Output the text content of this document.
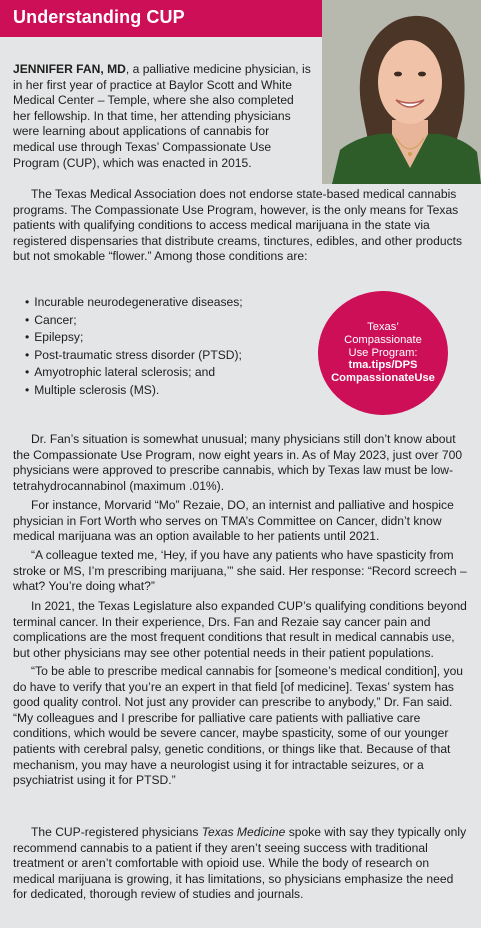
Understanding CUP

JENNIFER FAN, MD, a palliative medicine physician, is in her first year of practice at Baylor Scott and White Medical Center – Temple, where she also completed her fellowship. In that time, her attending physicians were learning about applications of cannabis for medical use through Texas’ Compassionate Use Program (CUP), which was enacted in 2015.

The Texas Medical Association does not endorse state-based medical cannabis programs. The Compassionate Use Program, however, is the only means for Texas patients with qualifying conditions to access medical marijuana in the state via registered dispensaries that distribute creams, tinctures, edibles, and other products but not smokable “flower.” Among those conditions are:

• Incurable neurodegenerative diseases;
• Cancer;
• Epilepsy;
• Post-traumatic stress disorder (PTSD);
• Amyotrophic lateral sclerosis; and
• Multiple sclerosis (MS).
Texas’
Compassionate
Use Program:
tma.tips/DPS
CompassionateUse

Dr. Fan’s situation is somewhat unusual; many physicians still don’t know about the Compassionate Use Program, now eight years in. As of May 2023, just over 700 physicians were approved to prescribe cannabis, which by Texas law must be low-tetrahydrocannabinol (maximum .01%).

For instance, Morvarid “Mo” Rezaie, DO, an internist and palliative and hospice physician in Fort Worth who serves on TMA’s Committee on Cancer, didn’t know medical marijuana was an option available to her patients until 2021.

“A colleague texted me, ‘Hey, if you have any patients who have spasticity from stroke or MS, I’m prescribing marijuana,’” she said. Her response: “Record screech – what? You’re doing what?”

In 2021, the Texas Legislature also expanded CUP’s qualifying conditions beyond terminal cancer. In their experience, Drs. Fan and Rezaie say cancer pain and complications are the most frequent conditions that result in medical cannabis use, but other physicians may see other potential needs in their patient populations.

“To be able to prescribe medical cannabis for [someone’s medical condition], you do have to verify that you’re an expert in that field [of medicine]. Texas’ system has good quality control. Not just any provider can prescribe to anybody,” Dr. Fan said. “My colleagues and I prescribe for palliative care patients with palliative care conditions, which would be severe cancer, maybe spasticity, some of our younger patients with cerebral palsy, genetic conditions, or things like that. Because of that mechanism, you may have a neurologist using it for intractable seizures, or a psychiatrist using it for PTSD.”

The CUP-registered physicians Texas Medicine spoke with say they typically only recommend cannabis to a patient if they aren’t seeing success with traditional treatment or aren’t comfortable with opioid use. While the body of research on medical marijuana is growing, it has limitations, so physicians emphasize the need for dedicated, thorough review of studies and journals.
